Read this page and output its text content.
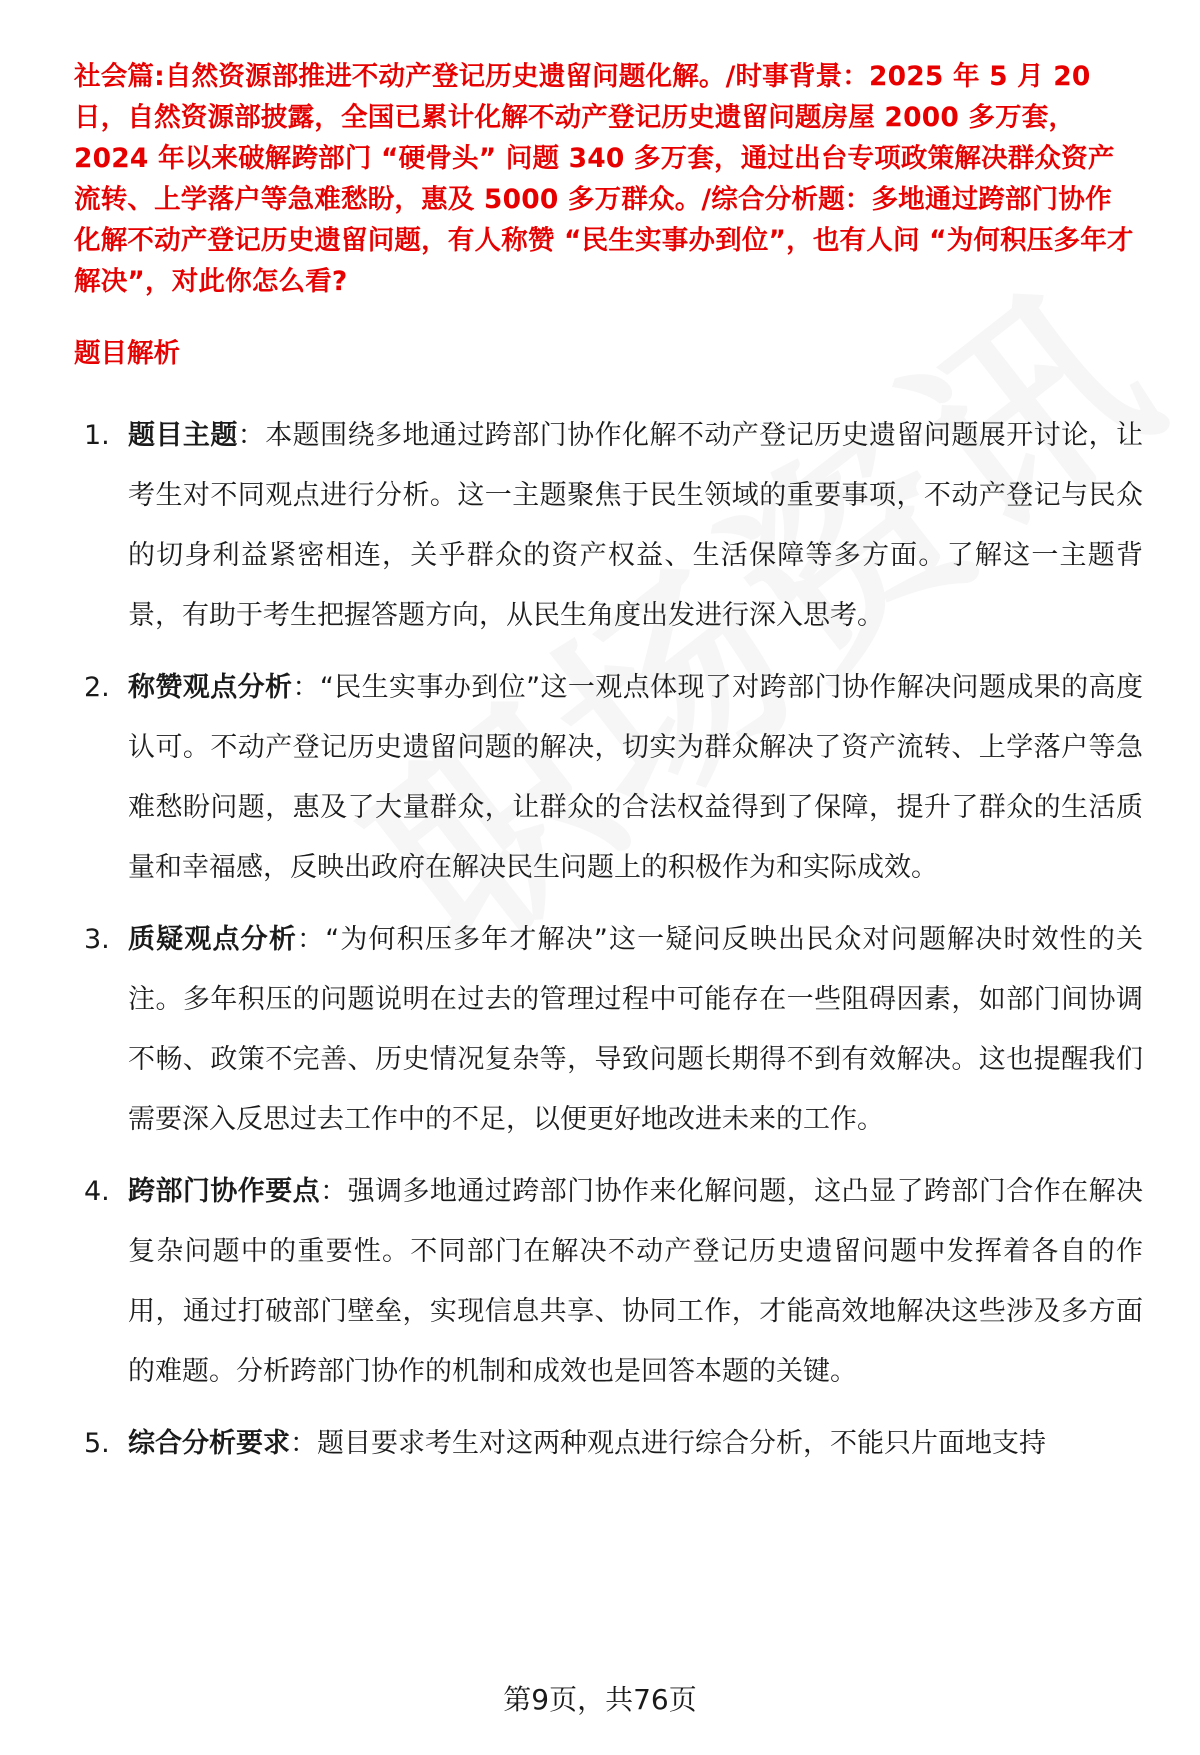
社会篇:自然资源部推进不动产登记历史遗留问题化解。/时事背景：2025 年 5 月 20 日，自然资源部披露，全国已累计化解不动产登记历史遗留问题房屋 2000 多万套，2024 年以来破解跨部门 “硬骨头” 问题 340 多万套，通过出台专项政策解决群众资产流转、上学落户等急难愁盼，惠及 5000 多万群众。/综合分析题：多地通过跨部门协作化解不动产登记历史遗留问题，有人称赞 “民生实事办到位”，也有人问 “为何积压多年才解决”，对此你怎么看?
题目解析
1. 题目主题：本题围绕多地通过跨部门协作化解不动产登记历史遗留问题展开讨论，让考生对不同观点进行分析。这一主题聚焦于民生领域的重要事项，不动产登记与民众的切身利益紧密相连，关乎群众的资产权益、生活保障等多方面。了解这一主题背景，有助于考生把握答题方向，从民生角度出发进行深入思考。
2. 称赞观点分析：“民生实事办到位”这一观点体现了对跨部门协作解决问题成果的高度认可。不动产登记历史遗留问题的解决，切实为群众解决了资产流转、上学落户等急难愁盼问题，惠及了大量群众，让群众的合法权益得到了保障，提升了群众的生活质量和幸福感，反映出政府在解决民生问题上的积极作为和实际成效。
3. 质疑观点分析：“为何积压多年才解决”这一疑问反映出民众对问题解决时效性的关注。多年积压的问题说明在过去的管理过程中可能存在一些阻碍因素，如部门间协调不畅、政策不完善、历史情况复杂等，导致问题长期得不到有效解决。这也提醒我们需要深入反思过去工作中的不足，以便更好地改进未来的工作。
4. 跨部门协作要点：强调多地通过跨部门协作来化解问题，这凸显了跨部门合作在解决复杂问题中的重要性。不同部门在解决不动产登记历史遗留问题中发挥着各自的作用，通过打破部门壁垒，实现信息共享、协同工作，才能高效地解决这些涉及多方面的难题。分析跨部门协作的机制和成效也是回答本题的关键。
5. 综合分析要求：题目要求考生对这两种观点进行综合分析，不能只片面地支持
第9页，共76页
